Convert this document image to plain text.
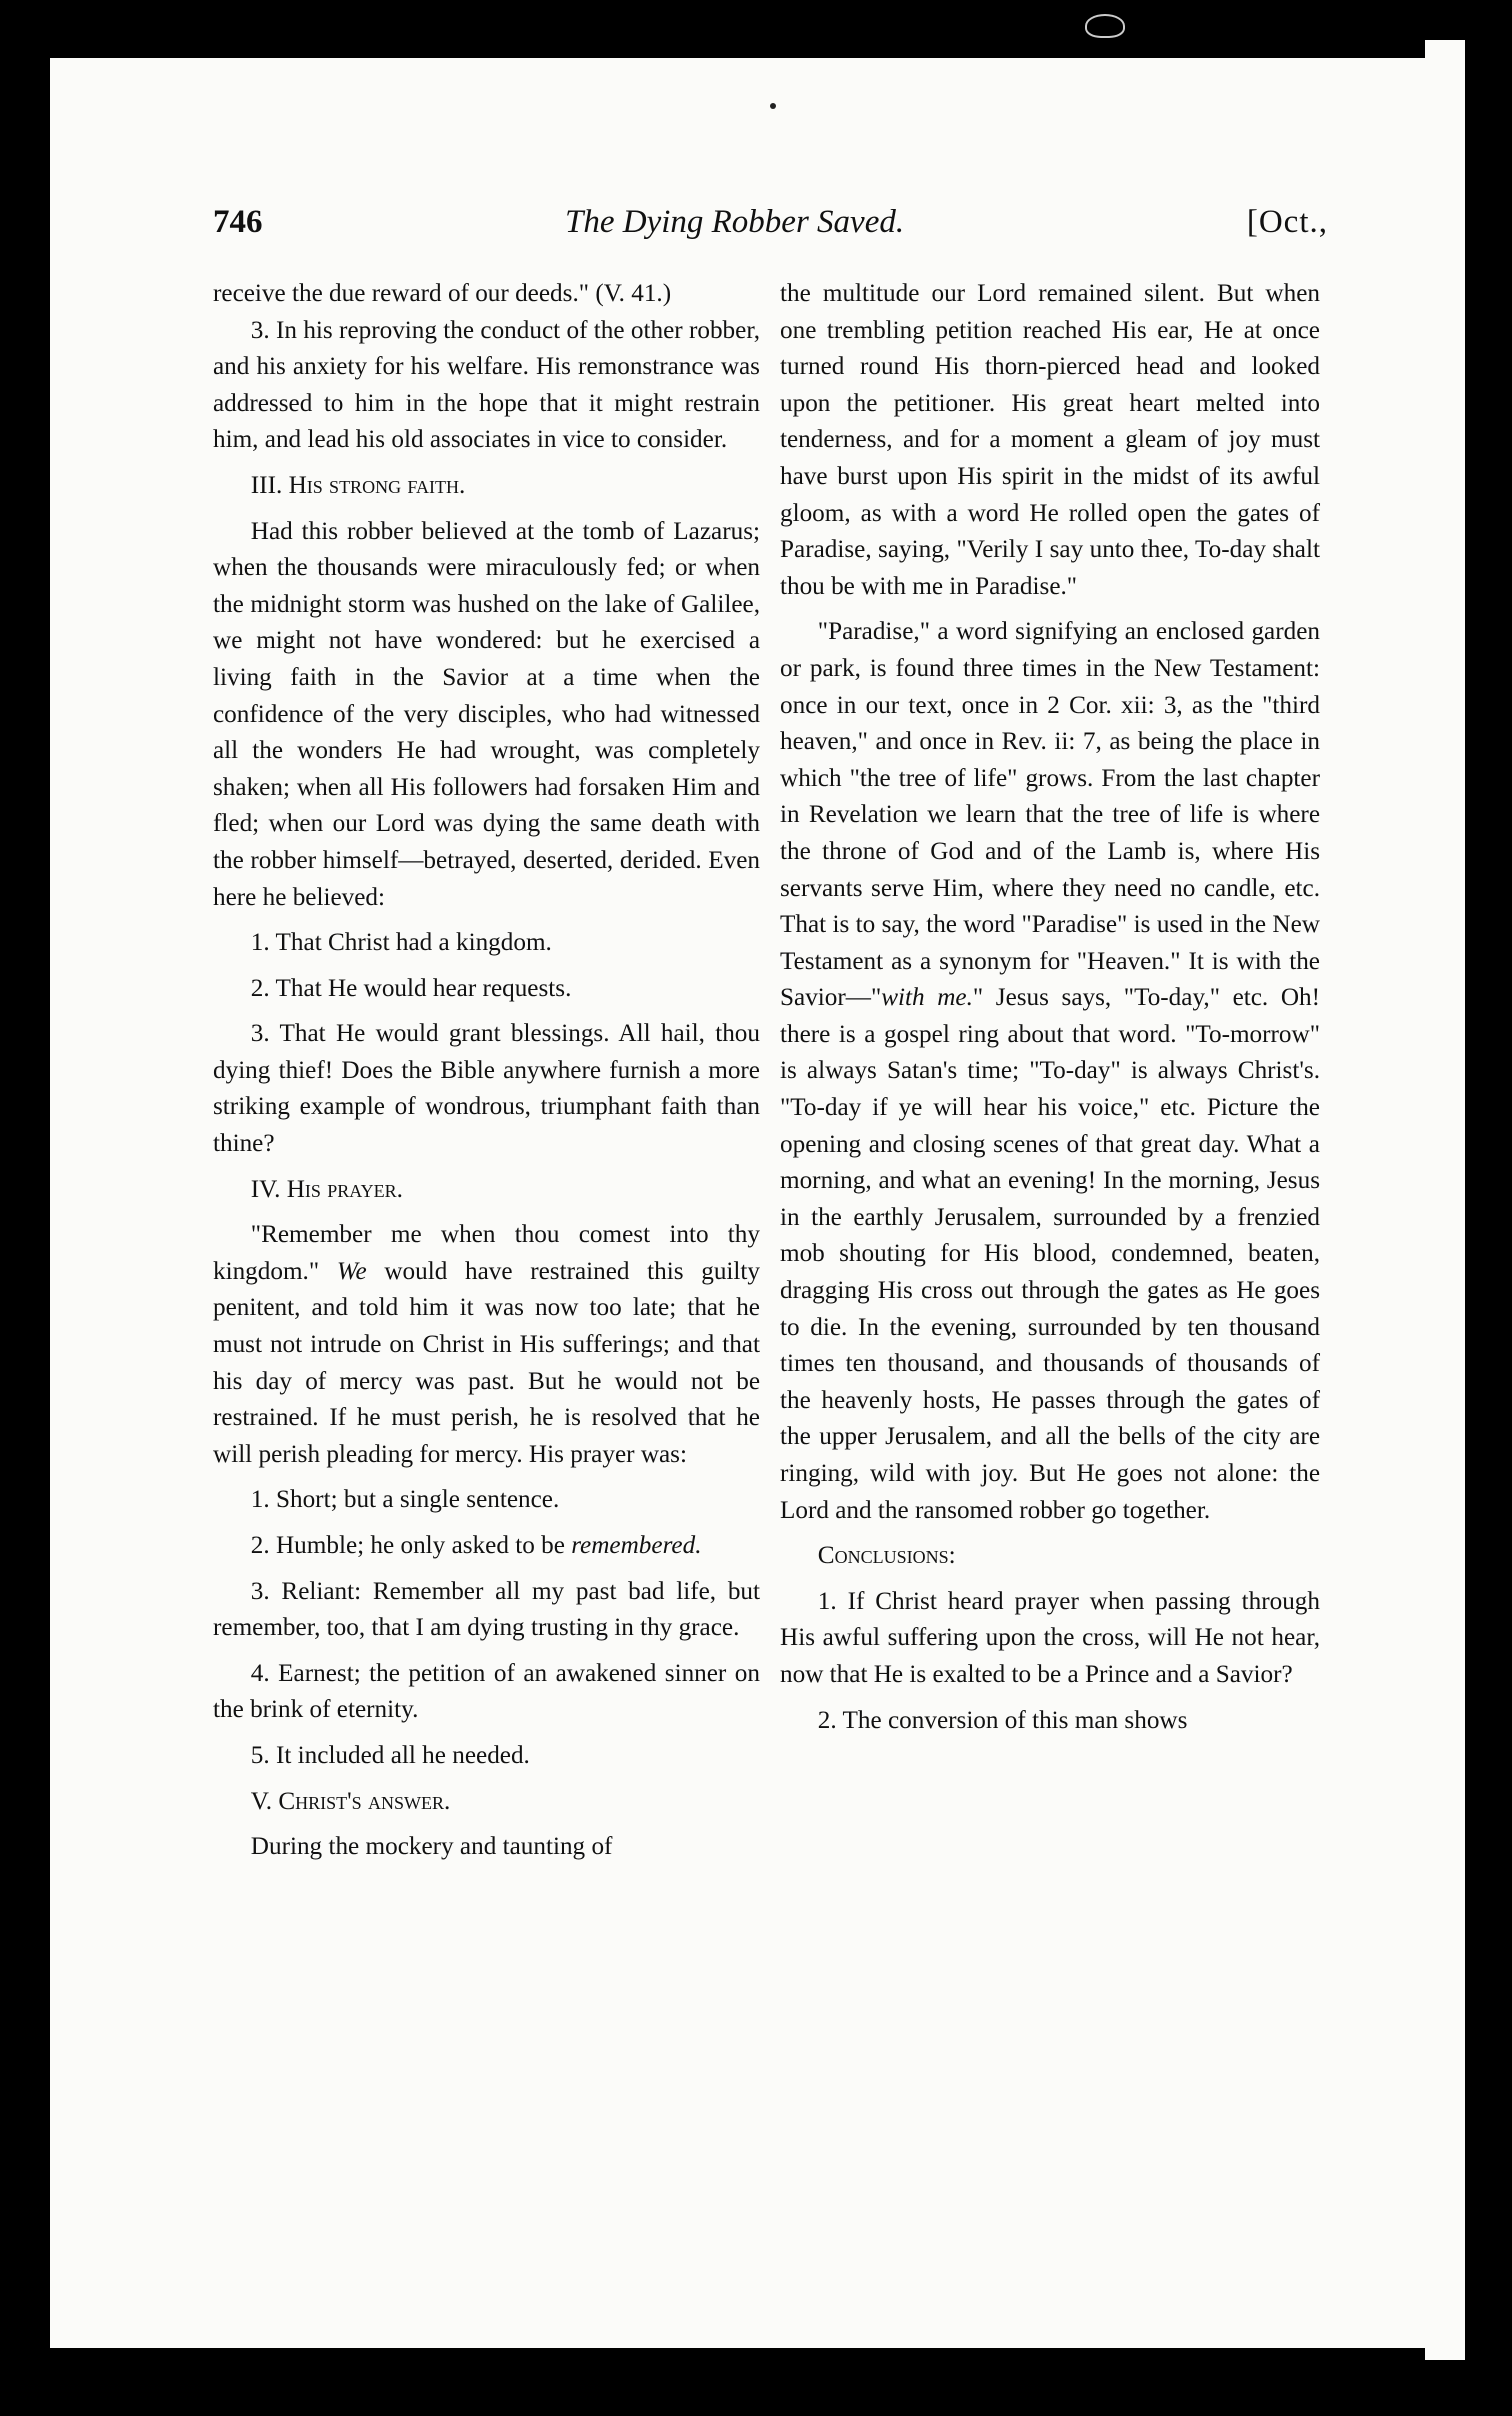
746	The Dying Robber Saved.	[Oct.,

receive the due reward of our deeds." (V. 41.)

3. In his reproving the conduct of the other robber, and his anxiety for his welfare. His remonstrance was addressed to him in the hope that it might restrain him, and lead his old associates in vice to consider.

III. His strong faith.

Had this robber believed at the tomb of Lazarus; when the thousands were miraculously fed; or when the midnight storm was hushed on the lake of Galilee, we might not have wondered: but he exercised a living faith in the Savior at a time when the confidence of the very disciples, who had witnessed all the wonders He had wrought, was completely shaken; when all His followers had forsaken Him and fled; when our Lord was dying the same death with the robber himself—betrayed, deserted, derided. Even here he believed:

1. That Christ had a kingdom.

2. That He would hear requests.

3. That He would grant blessings. All hail, thou dying thief! Does the Bible anywhere furnish a more striking example of wondrous, triumphant faith than thine?

IV. His prayer.

"Remember me when thou comest into thy kingdom." We would have restrained this guilty penitent, and told him it was now too late; that he must not intrude on Christ in His sufferings; and that his day of mercy was past. But he would not be restrained. If he must perish, he is resolved that he will perish pleading for mercy. His prayer was:

1. Short; but a single sentence.

2. Humble; he only asked to be remembered.

3. Reliant: Remember all my past bad life, but remember, too, that I am dying trusting in thy grace.

4. Earnest; the petition of an awakened sinner on the brink of eternity.

5. It included all he needed.

V. Christ's answer.

During the mockery and taunting of

the multitude our Lord remained silent. But when one trembling petition reached His ear, He at once turned round His thorn-pierced head and looked upon the petitioner. His great heart melted into tenderness, and for a moment a gleam of joy must have burst upon His spirit in the midst of its awful gloom, as with a word He rolled open the gates of Paradise, saying, "Verily I say unto thee, To-day shalt thou be with me in Paradise."

"Paradise," a word signifying an enclosed garden or park, is found three times in the New Testament: once in our text, once in 2 Cor. xii: 3, as the "third heaven," and once in Rev. ii: 7, as being the place in which "the tree of life" grows. From the last chapter in Revelation we learn that the tree of life is where the throne of God and of the Lamb is, where His servants serve Him, where they need no candle, etc. That is to say, the word "Paradise" is used in the New Testament as a synonym for "Heaven." It is with the Savior—"with me." Jesus says, "To-day," etc. Oh! there is a gospel ring about that word. "To-morrow" is always Satan's time; "To-day" is always Christ's. "To-day if ye will hear his voice," etc. Picture the opening and closing scenes of that great day. What a morning, and what an evening! In the morning, Jesus in the earthly Jerusalem, surrounded by a frenzied mob shouting for His blood, condemned, beaten, dragging His cross out through the gates as He goes to die. In the evening, surrounded by ten thousand times ten thousand, and thousands of thousands of the heavenly hosts, He passes through the gates of the upper Jerusalem, and all the bells of the city are ringing, wild with joy. But He goes not alone: the Lord and the ransomed robber go together.

Conclusions:

1. If Christ heard prayer when passing through His awful suffering upon the cross, will He not hear, now that He is exalted to be a Prince and a Savior?

2. The conversion of this man shows
